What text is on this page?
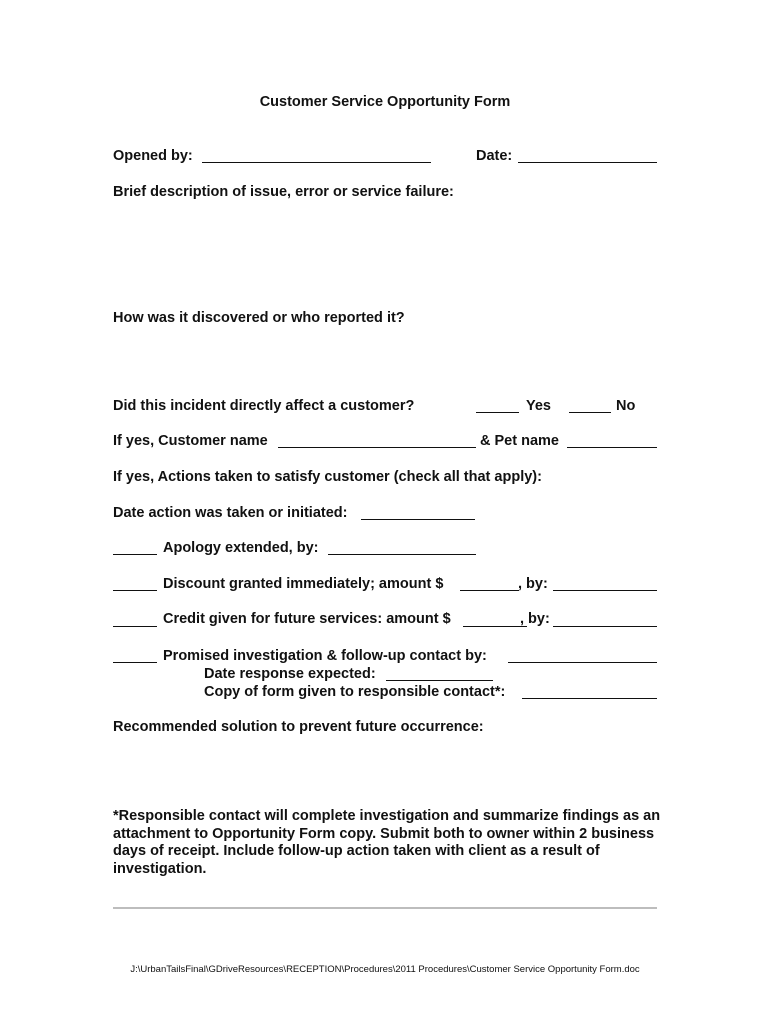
Customer Service Opportunity Form
Opened by:	Date:
Brief description of issue, error or service failure:
How was it discovered or who reported it?
Did this incident directly affect a customer?	Yes	No
If yes, Customer name	& Pet name
If yes, Actions taken to satisfy customer (check all that apply):
Date action was taken or initiated:
Apology extended, by:
Discount granted immediately; amount $	, by:
Credit given for future services: amount $	, by:
Promised investigation & follow-up contact by:
Date response expected:
Copy of form given to responsible contact*:
Recommended solution to prevent future occurrence:
*Responsible contact will complete investigation and summarize findings as an attachment to Opportunity Form copy. Submit both to owner within 2 business days of receipt. Include follow-up action taken with client as a result of investigation.
J:\UrbanTailsFinal\GDriveResources\RECEPTION\Procedures\2011 Procedures\Customer Service Opportunity Form.doc
